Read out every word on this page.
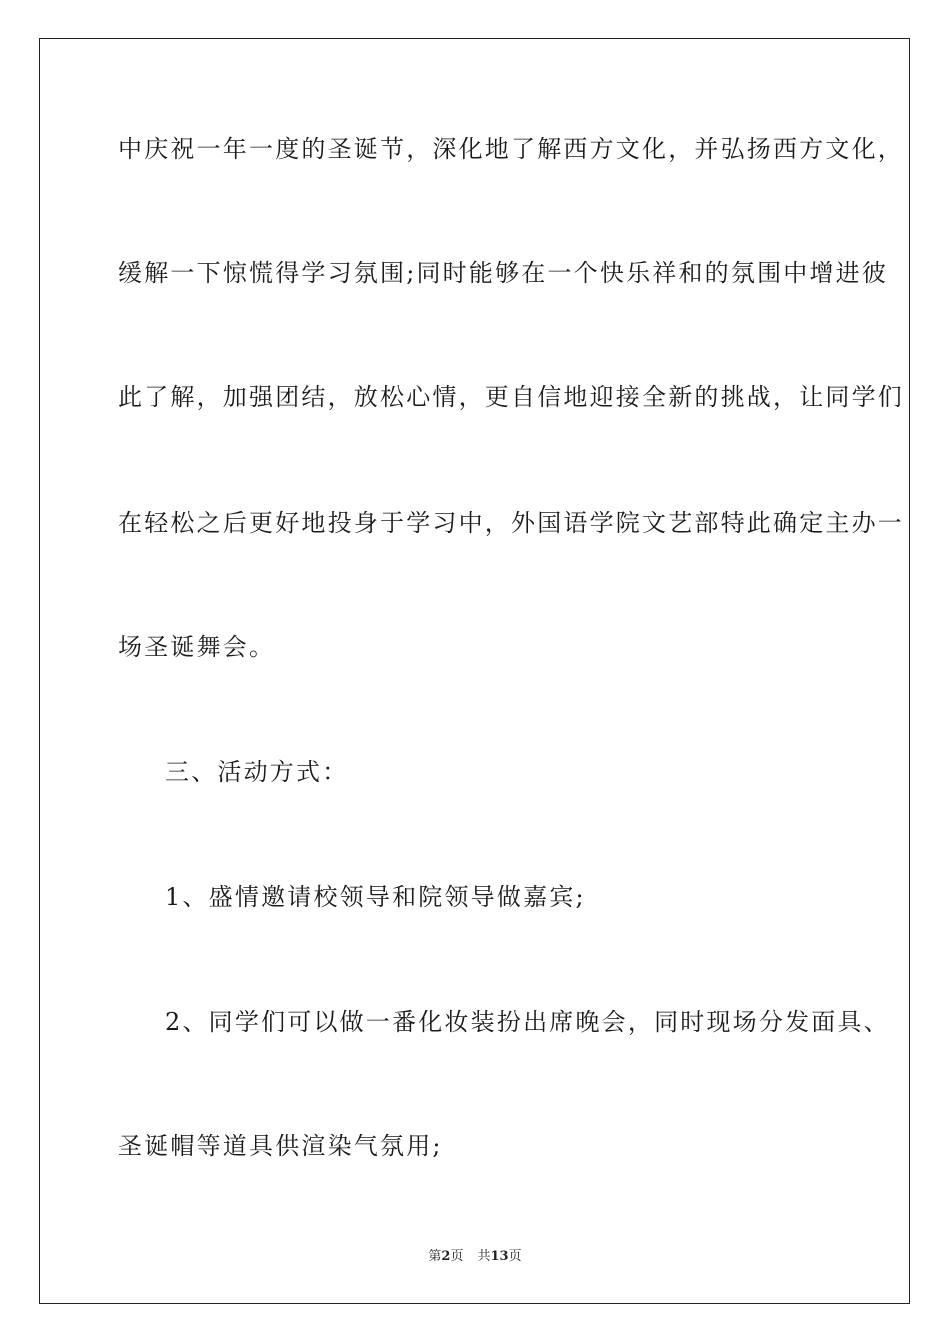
中庆祝一年一度的圣诞节，深化地了解西方文化，并弘扬西方文化，
缓解一下惊慌得学习氛围;同时能够在一个快乐祥和的氛围中增进彼
此了解，加强团结，放松心情，更自信地迎接全新的挑战，让同学们
在轻松之后更好地投身于学习中，外国语学院文艺部特此确定主办一
场圣诞舞会。
三、活动方式：
1、盛情邀请校领导和院领导做嘉宾;
2、同学们可以做一番化妆装扮出席晚会，同时现场分发面具、
圣诞帽等道具供渲染气氛用;
第2页 共13页
